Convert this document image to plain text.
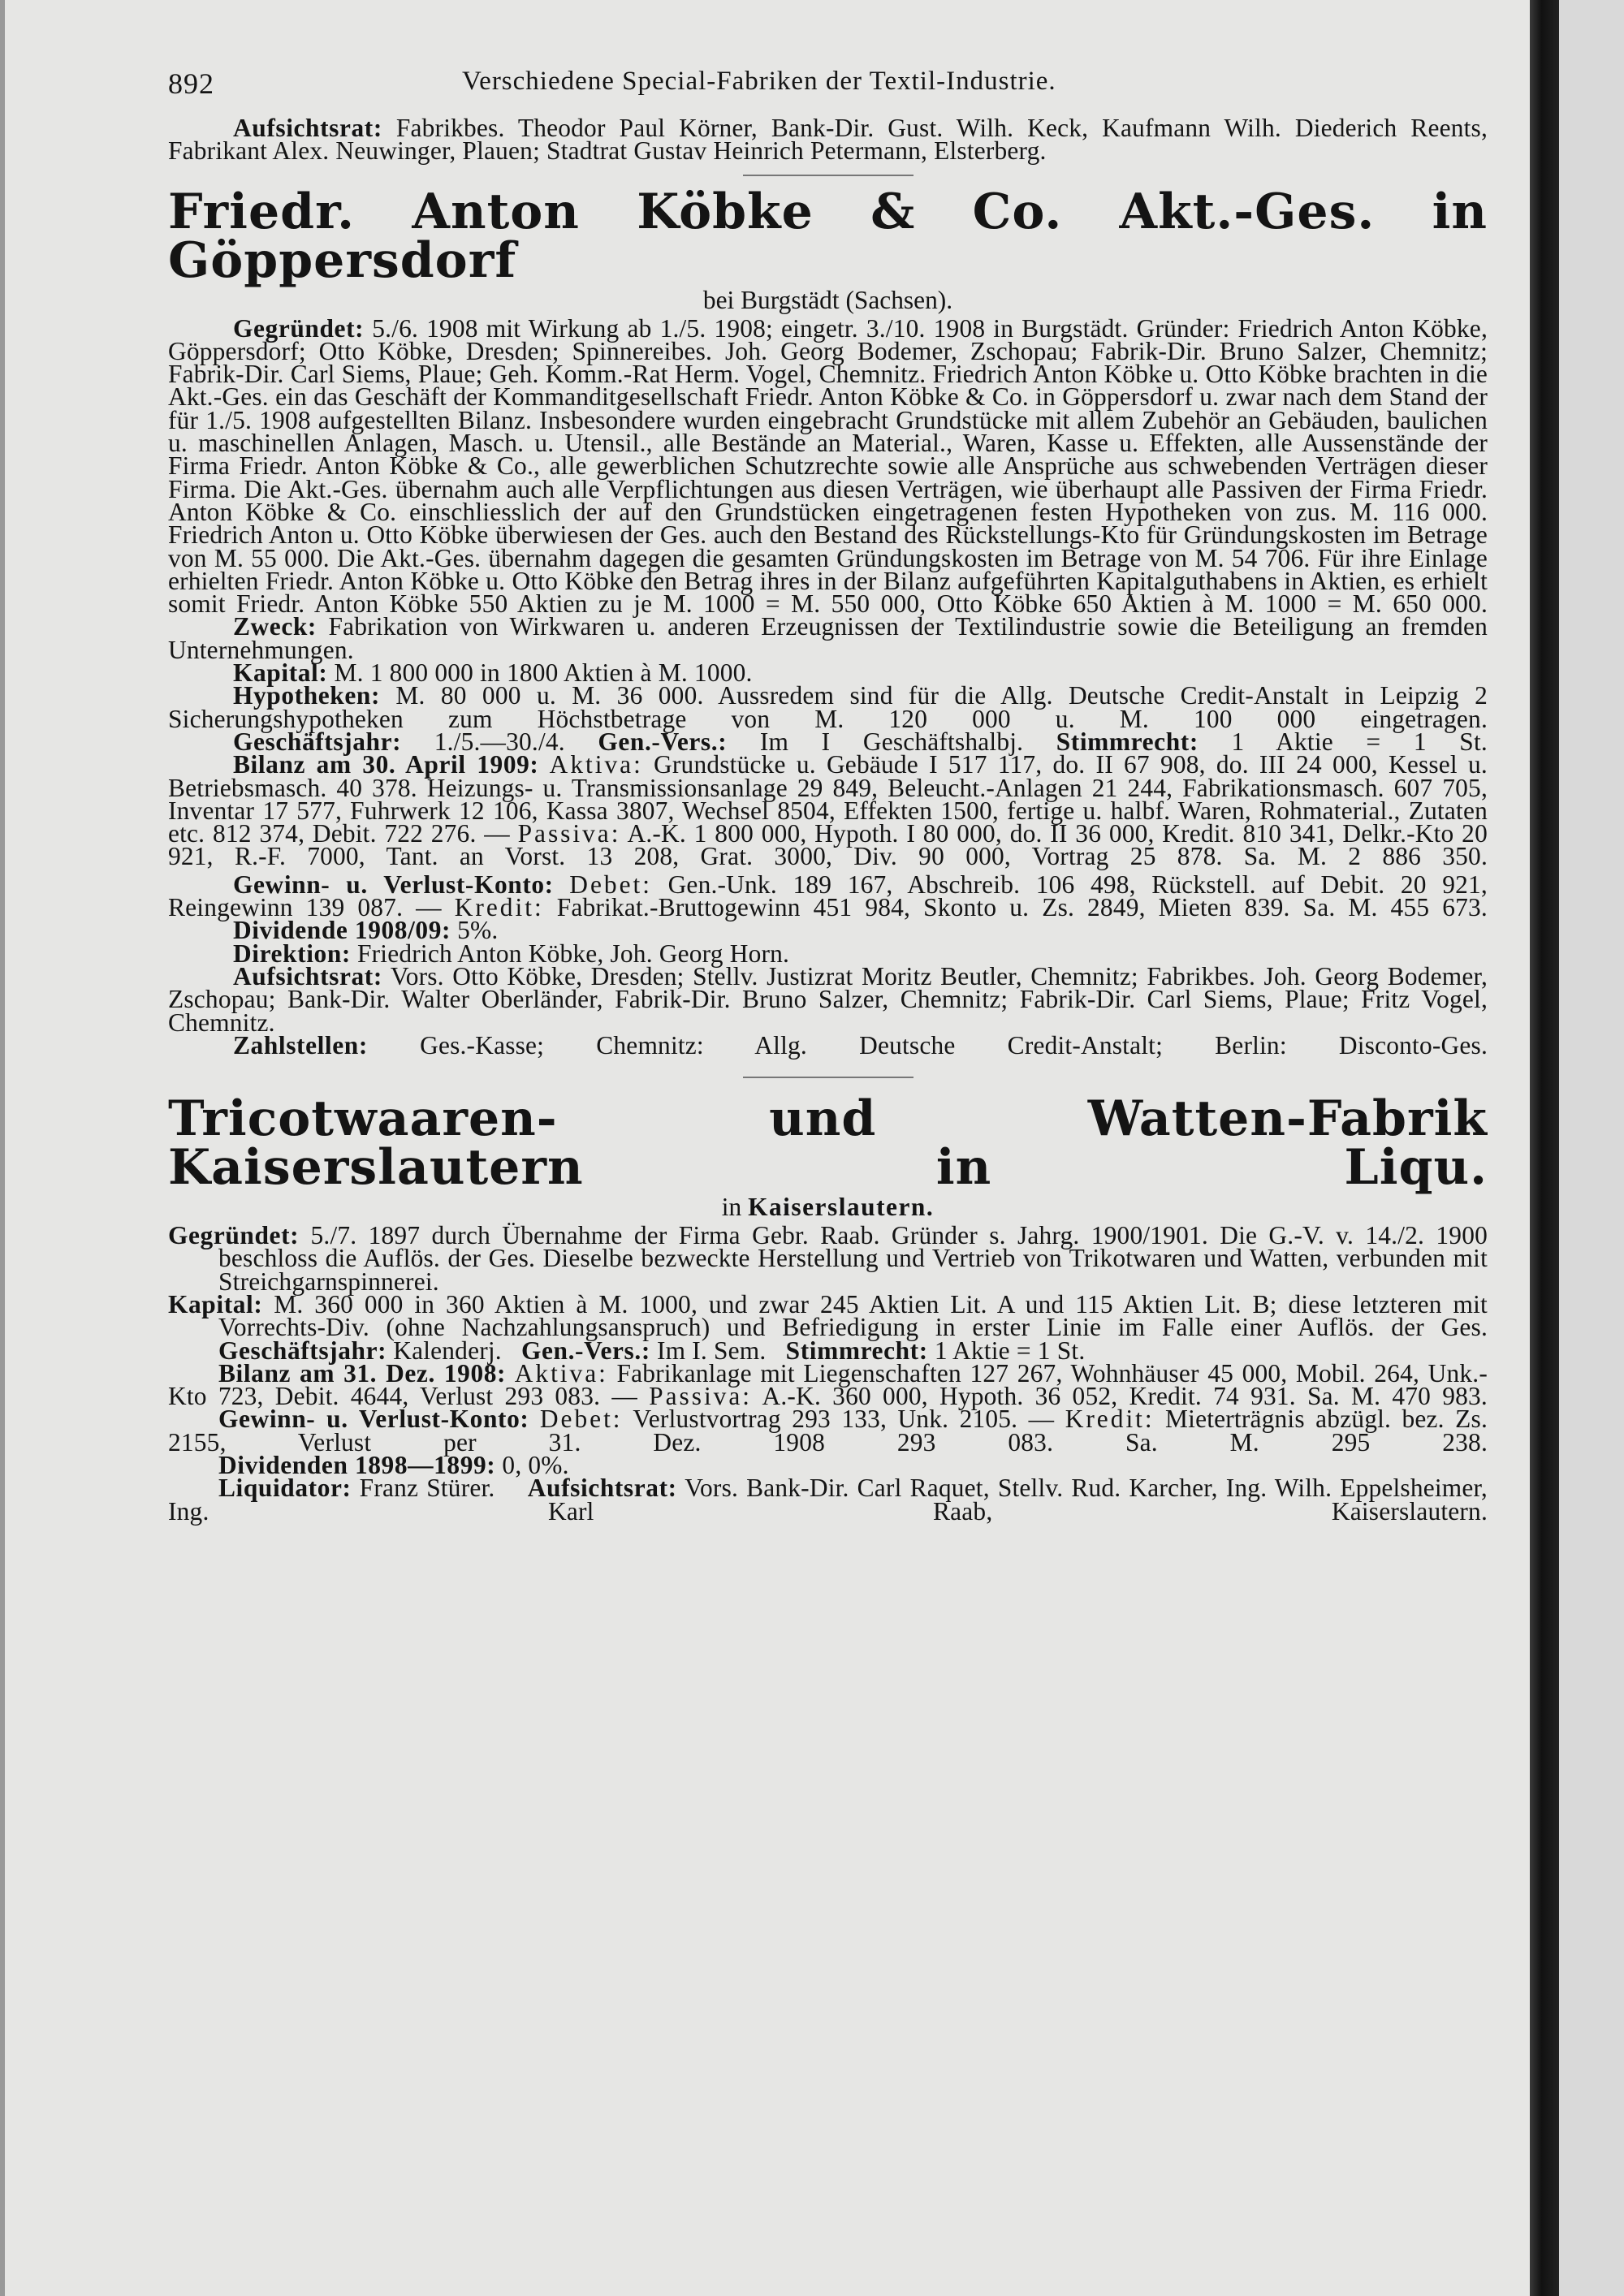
892	Verschiedene Special-Fabriken der Textil-Industrie.

Aufsichtsrat: Fabrikbes. Theodor Paul Körner, Bank-Dir. Gust. Wilh. Keck, Kaufmann Wilh. Diederich Reents, Fabrikant Alex. Neuwinger, Plauen; Stadtrat Gustav Heinrich Petermann, Elsterberg.

Friedr. Anton Köbke & Co. Akt.-Ges. in Göppersdorf
bei Burgstädt (Sachsen).

Gegründet: 5./6. 1908 mit Wirkung ab 1./5. 1908; eingetr. 3./10. 1908 in Burgstädt. Gründer: Friedrich Anton Köbke, Göppersdorf; Otto Köbke, Dresden; Spinnereibes. Joh. Georg Bodemer, Zschopau; Fabrik-Dir. Bruno Salzer, Chemnitz; Fabrik-Dir. Carl Siems, Plaue; Geh. Komm.-Rat Herm. Vogel, Chemnitz. Friedrich Anton Köbke u. Otto Köbke brachten in die Akt.-Ges. ein das Geschäft der Kommanditgesellschaft Friedr. Anton Köbke & Co. in Göppersdorf u. zwar nach dem Stand der für 1./5. 1908 aufgestellten Bilanz. Insbesondere wurden eingebracht Grundstücke mit allem Zubehör an Gebäuden, baulichen u. maschinellen Anlagen, Masch. u. Utensil., alle Bestände an Material., Waren, Kasse u. Effekten, alle Aussenstände der Firma Friedr. Anton Köbke & Co., alle gewerblichen Schutzrechte sowie alle Ansprüche aus schwebenden Verträgen dieser Firma. Die Akt.-Ges. übernahm auch alle Verpflichtungen aus diesen Verträgen, wie überhaupt alle Passiven der Firma Friedr. Anton Köbke & Co. einschliesslich der auf den Grundstücken eingetragenen festen Hypotheken von zus. M. 116 000. Friedrich Anton u. Otto Köbke überwiesen der Ges. auch den Bestand des Rückstellungs-Kto für Gründungskosten im Betrage von M. 55 000. Die Akt.-Ges. übernahm dagegen die gesamten Gründungskosten im Betrage von M. 54 706. Für ihre Einlage erhielten Friedr. Anton Köbke u. Otto Köbke den Betrag ihres in der Bilanz aufgeführten Kapitalguthabens in Aktien, es erhielt somit Friedr. Anton Köbke 550 Aktien zu je M. 1000 = M. 550 000, Otto Köbke 650 Aktien à M. 1000 = M. 650 000.

Zweck: Fabrikation von Wirkwaren u. anderen Erzeugnissen der Textilindustrie sowie die Beteiligung an fremden Unternehmungen.

Kapital: M. 1 800 000 in 1800 Aktien à M. 1000.

Hypotheken: M. 80 000 u. M. 36 000. Aussredem sind für die Allg. Deutsche Credit-Anstalt in Leipzig 2 Sicherungshypotheken zum Höchstbetrage von M. 120 000 u. M. 100 000 eingetragen.

Geschäftsjahr: 1./5.—30./4. Gen.-Vers.: Im I Geschäftshalbj. Stimmrecht: 1 Aktie = 1 St.

Bilanz am 30. April 1909: Aktiva: Grundstücke u. Gebäude I 517 117, do. II 67 908, do. III 24 000, Kessel u. Betriebsmasch. 40 378. Heizungs- u. Transmissionsanlage 29 849, Beleucht.-Anlagen 21 244, Fabrikationsmasch. 607 705, Inventar 17 577, Fuhrwerk 12 106, Kassa 3807, Wechsel 8504, Effekten 1500, fertige u. halbf. Waren, Rohmaterial., Zutaten etc. 812 374, Debit. 722 276. — Passiva: A.-K. 1 800 000, Hypoth. I 80 000, do. II 36 000, Kredit. 810 341, Delkr.-Kto 20 921, R.-F. 7000, Tant. an Vorst. 13 208, Grat. 3000, Div. 90 000, Vortrag 25 878. Sa. M. 2 886 350.

Gewinn- u. Verlust-Konto: Debet: Gen.-Unk. 189 167, Abschreib. 106 498, Rückstell. auf Debit. 20 921, Reingewinn 139 087. — Kredit: Fabrikat.-Bruttogewinn 451 984, Skonto u. Zs. 2849, Mieten 839. Sa. M. 455 673.

Dividende 1908/09: 5%.

Direktion: Friedrich Anton Köbke, Joh. Georg Horn.

Aufsichtsrat: Vors. Otto Köbke, Dresden; Stellv. Justizrat Moritz Beutler, Chemnitz; Fabrikbes. Joh. Georg Bodemer, Zschopau; Bank-Dir. Walter Oberländer, Fabrik-Dir. Bruno Salzer, Chemnitz; Fabrik-Dir. Carl Siems, Plaue; Fritz Vogel, Chemnitz.

Zahlstellen: Ges.-Kasse; Chemnitz: Allg. Deutsche Credit-Anstalt; Berlin: Disconto-Ges.

Tricotwaaren- und Watten-Fabrik Kaiserslautern in Liqu.
in Kaiserslautern.

Gegründet: 5./7. 1897 durch Übernahme der Firma Gebr. Raab. Gründer s. Jahrg. 1900/1901. Die G.-V. v. 14./2. 1900 beschloss die Auflös. der Ges. Dieselbe bezweckte Herstellung und Vertrieb von Trikotwaren und Watten, verbunden mit Streichgarnspinnerei.

Kapital: M. 360 000 in 360 Aktien à M. 1000, und zwar 245 Aktien Lit. A und 115 Aktien Lit. B; diese letzteren mit Vorrechts-Div. (ohne Nachzahlungsanspruch) und Befriedigung in erster Linie im Falle einer Auflös. der Ges.

Geschäftsjahr: Kalenderj. Gen.-Vers.: Im I. Sem. Stimmrecht: 1 Aktie = 1 St.

Bilanz am 31. Dez. 1908: Aktiva: Fabrikanlage mit Liegenschaften 127 267, Wohnhäuser 45 000, Mobil. 264, Unk.-Kto 723, Debit. 4644, Verlust 293 083. — Passiva: A.-K. 360 000, Hypoth. 36 052, Kredit. 74 931. Sa. M. 470 983.

Gewinn- u. Verlust-Konto: Debet: Verlustvortrag 293 133, Unk. 2105. — Kredit: Mieterträgnis abzügl. bez. Zs. 2155, Verlust per 31. Dez. 1908 293 083. Sa. M. 295 238.

Dividenden 1898—1899: 0, 0%.

Liquidator: Franz Stürer. Aufsichtsrat: Vors. Bank-Dir. Carl Raquet, Stellv. Rud. Karcher, Ing. Wilh. Eppelsheimer, Ing. Karl Raab, Kaiserslautern.
